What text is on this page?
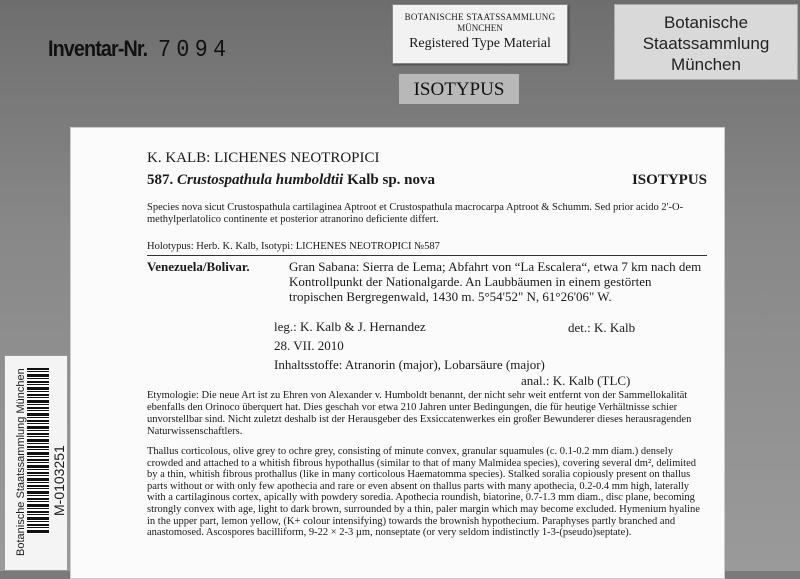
Inventar-Nr. 7094
BOTANISCHE STAATSSAMMLUNG
MÜNCHEN
Registered Type Material
Botanische
Staatssammlung
München
ISOTYPUS
K. KALB: LICHENES NEOTROPICI
587. Crustospathula humboldtii Kalb sp. nova	ISOTYPUS
Species nova sicut Crustospathula cartilaginea Aptroot et Crustospathula macrocarpa Aptroot & Schumm. Sed prior acido 2'-O-methylperlatolico continente et posterior atranorino deficiente differt.
Holotypus: Herb. K. Kalb, Isotypi: LICHENES NEOTROPICI №587
Venezuela/Bolivar.	Gran Sabana: Sierra de Lema; Abfahrt von “La Escalera“, etwa 7 km nach dem Kontrollpunkt der Nationalgarde. An Laubbäumen in einem gestörten tropischen Bergregenwald, 1430 m. 5°54'52" N, 61°26'06" W.
leg.: K. Kalb & J. Hernandez	det.: K. Kalb
28. VII. 2010
Inhaltsstoffe: Atranorin (major), Lobarsäure (major)
anal.: K. Kalb (TLC)
Etymologie: Die neue Art ist zu Ehren von Alexander v. Humboldt benannt, der nicht sehr weit entfernt von der Sammellokalität ebenfalls den Orinoco überquert hat. Dies geschah vor etwa 210 Jahren unter Bedingungen, die für heutige Verhältnisse schier unvorstellbar sind. Nicht zuletzt deshalb ist der Herausgeber des Exsiccatenwerkes ein großer Bewunderer dieses herausragenden Naturwissenschaftlers.
Thallus corticolous, olive grey to ochre grey, consisting of minute convex, granular squamules (c. 0.1-0.2 mm diam.) densely crowded and attached to a whitish fibrous hypothallus (similar to that of many Malmidea species), covering several dm², delimited by a thin, whitish fibrous prothallus (like in many corticolous Haematomma species). Stalked soralia copiously present on thallus parts without or with only few apothecia and rare or even absent on thallus parts with many apothecia, 0.2-0.4 mm high, laterally with a cartilaginous cortex, apically with powdery soredia. Apothecia roundish, biatorine, 0.7-1.3 mm diam., disc plane, becoming strongly convex with age, light to dark brown, surrounded by a thin, paler margin which may become excluded. Hymenium hyaline in the upper part, lemon yellow, (K+ colour intensifying) towards the brownish hypothecium. Paraphyses partly branched and anastomosed. Ascospores bacilliform, 9-22 × 2-3 µm, nonseptate (or very seldom indistinctly 1-3-(pseudo)septate).
Botanische Staatssammlung München M-0103251
